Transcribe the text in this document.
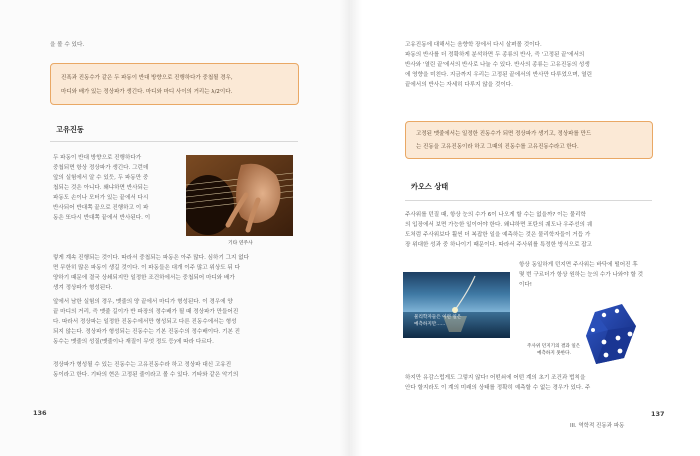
을 볼 수 있다.
진폭과 진동수가 같은 두 파동이 반대 방향으로 진행하다가 중첩될 경우,
마디와 배가 있는 정상파가 생긴다. 마디와 마디 사이의 거리는 λ/2이다.
고유진동

두 파동이 반대 방향으로 진행하다가

중첩되면 항상 정상파가 생긴다. 그런데

앞의 실험에서 알 수 있듯, 두 파동만 중

첩되는 것은 아니다. 왜냐하면 반사되는

파동도 손이나 모터가 있는 끝에서 다시

반사되어 반대쪽 끝으로 진행하고 이 파

동은 또다시 반대쪽 끝에서 반사된다. 이

기타 연주사

렇게 계속 진행되는 것이다. 따라서 중첩되는 파동은 아주 많다. 심하기 그지 없다

면 무한히 많은 파동이 생길 것이다. 이 파동들은 대개 이주 많고 위상도 뒤 다

양하기 때문에 결국 상쇄되지만 일정한 조건하에서는 중첩되어 마디와 배가

생겨 정상파가 형성된다.

앞에서 남한 실험의 경우, 맷줄의 양 끝에서 마디가 형성된다. 이 경우에 양

끝 마디의 거리, 즉 맷줄 길이가 반 파장의 정수배가 될 때 정상파가 만들어진

다. 따라서 정상파는 일정한 진동수에서만 형성되고 다른 진동수에서는 형성

되지 않는다. 정상파가 형성되는 진동수는 기본 진동수의 정수배이다. 기본 진

동수는 맷줄의 성질(맷줄이나 재질이 무엇 정도 등)에 따라 다르다.

정상파가 형성될 수 있는 진동수는 고유진동수라 하고 정상파 대신 고유진

동이라고 한다. 기타의 현은 고정된 줄이라고 볼 수 있다. 기타와 같은 악기의

136

고유진동에 대해서는 음향학 장에서 다시 살펴볼 것이다.

파동의 반사를 더 정확하게 분석하면 두 종류의 반사, 즉 '고정된 끝'에서의

반사와 '열린 끝'에서의 반사로 나눌 수 있다. 반사의 종류는 고유진동의 성생

에 영향을 미친다. 지금까지 우리는 고정된 끝에서의 반사만 다루었으며, 열린

끝에서의 반사는 자세히 다루지 않을 것이다.

고정된 맷줄에서는 일정한 진동수가 되면 정상파가 생기고, 정상파를 만드
는 진동을 고유진동이라 하고 그때의 진동수를 고유진동수라고 한다.
카오스 상태

주사위를 던질 때, 항상 눈의 수가 6이 나오게 할 수는 없을까? 이는 물리학

의 입장에서 보면 가능한 일이어야 한다. 왜냐하면 포탄의 궤도나 우주선의 궤

도처럼 주사위보다 훨씬 더 복잡한 일을 예측하는 것은 물리학자들이 거듭 가

장 위대한 성과 중 하나이기 때문이다. 따라서 주사위를 특정한 방식으로 잡고

물리학자들은 이런 일은
예측하지만……

항상 동일하게 던지면 주사위는 바닥에 떨어진 후

몇 번 구르더가 항상 원하는 눈의 수가 나와야 할 것

이다!

주사위 던지기의 결과 일은
예측하지 못한다.

하지만 유감스럽게도 그렇지 않다! 어떤쇠에 어떤 계의 초기 조건과 법칙을

안다 할지라도 이 계의 미래의 상태를 정확히 예측할 수 없는 경우가 있다. 주

137
III. 역학적 진동과 파동
